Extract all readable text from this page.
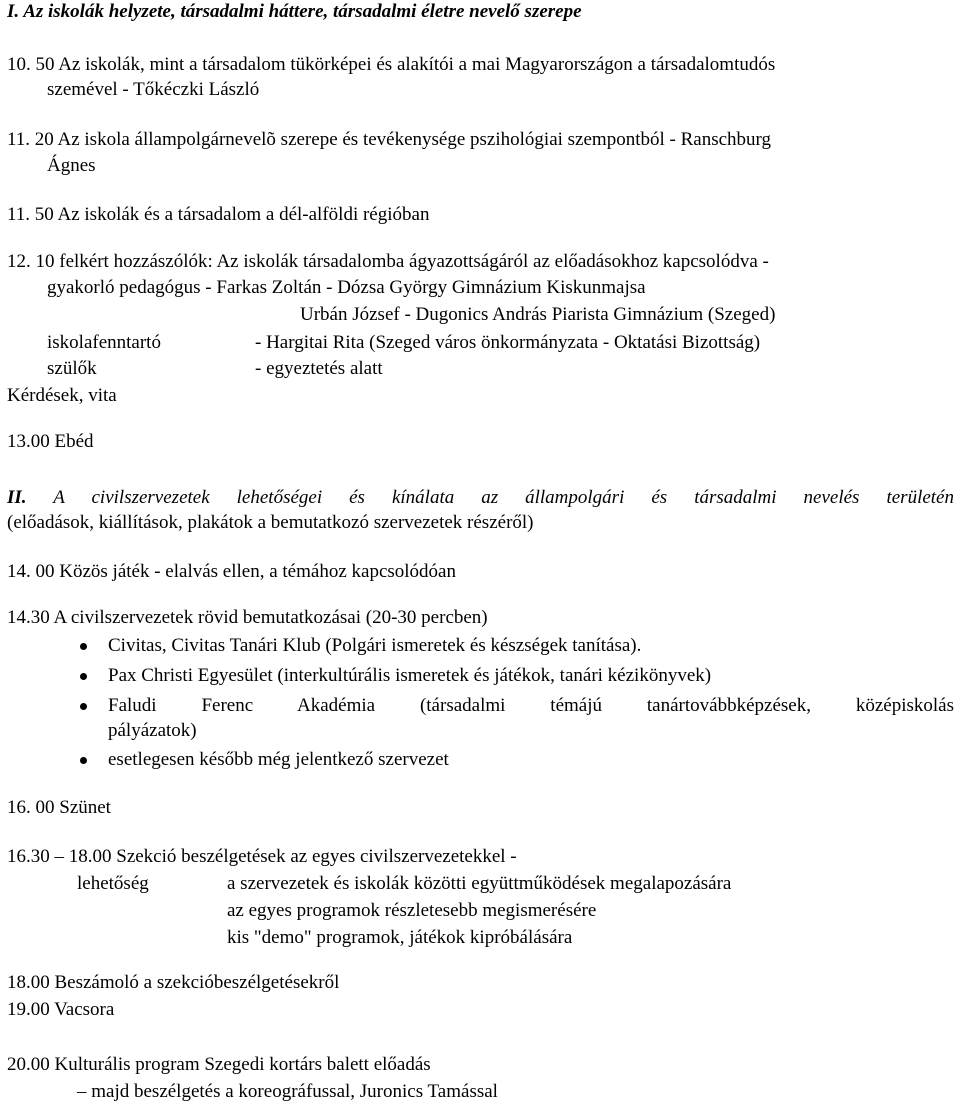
I. Az iskolák helyzete, társadalmi háttere, társadalmi életre nevelő szerepe
10. 50 Az iskolák, mint a társadalom tükörképei és alakítói a mai Magyarországon a társadalomtudós
szemével - Tőkéczki László
11. 20 Az iskola állampolgárnevelõ szerepe és tevékenysége pszihológiai szempontból - Ranschburg
Ágnes
11. 50 Az iskolák és a társadalom a dél-alföldi régióban
12. 10 felkért hozzászólók: Az iskolák társadalomba ágyazottságáról az előadásokhoz kapcsolódva -
gyakorló pedagógus - Farkas Zoltán - Dózsa György Gimnázium Kiskunmajsa
Urbán József - Dugonics András Piarista Gimnázium (Szeged)
iskolafenntartó	- Hargitai Rita (Szeged város önkormányzata - Oktatási Bizottság)
szülők	- egyeztetés alatt
Kérdések, vita
13.00 Ebéd
II. A civilszervezetek lehetőségei és kínálata az állampolgári és társadalmi nevelés területén
(előadások, kiállítások, plakátok a bemutatkozó szervezetek részéről)
14. 00 Közös játék - elalvás ellen, a témához kapcsolódóan
14.30 A civilszervezetek rövid bemutatkozásai (20-30 percben)
Civitas, Civitas Tanári Klub (Polgári ismeretek és készségek tanítása).
Pax Christi Egyesület (interkultúrális ismeretek és játékok, tanári kézikönyvek)
Faludi Ferenc Akadémia (társadalmi témájú tanártovábbképzések, középiskolás
pályázatok)
esetlegesen később még jelentkező szervezet
16. 00 Szünet
16.30 – 18.00 Szekció beszélgetések az egyes civilszervezetekkel -
lehetőség	a szervezetek és iskolák közötti együttműködések megalapozására
az egyes programok részletesebb megismerésére
kis "demo" programok, játékok kipróbálására
18.00 Beszámoló a szekcióbeszélgetésekről
19.00 Vacsora
20.00 Kulturális program Szegedi kortárs balett előadás
– majd beszélgetés a koreográfussal, Juronics Tamással
